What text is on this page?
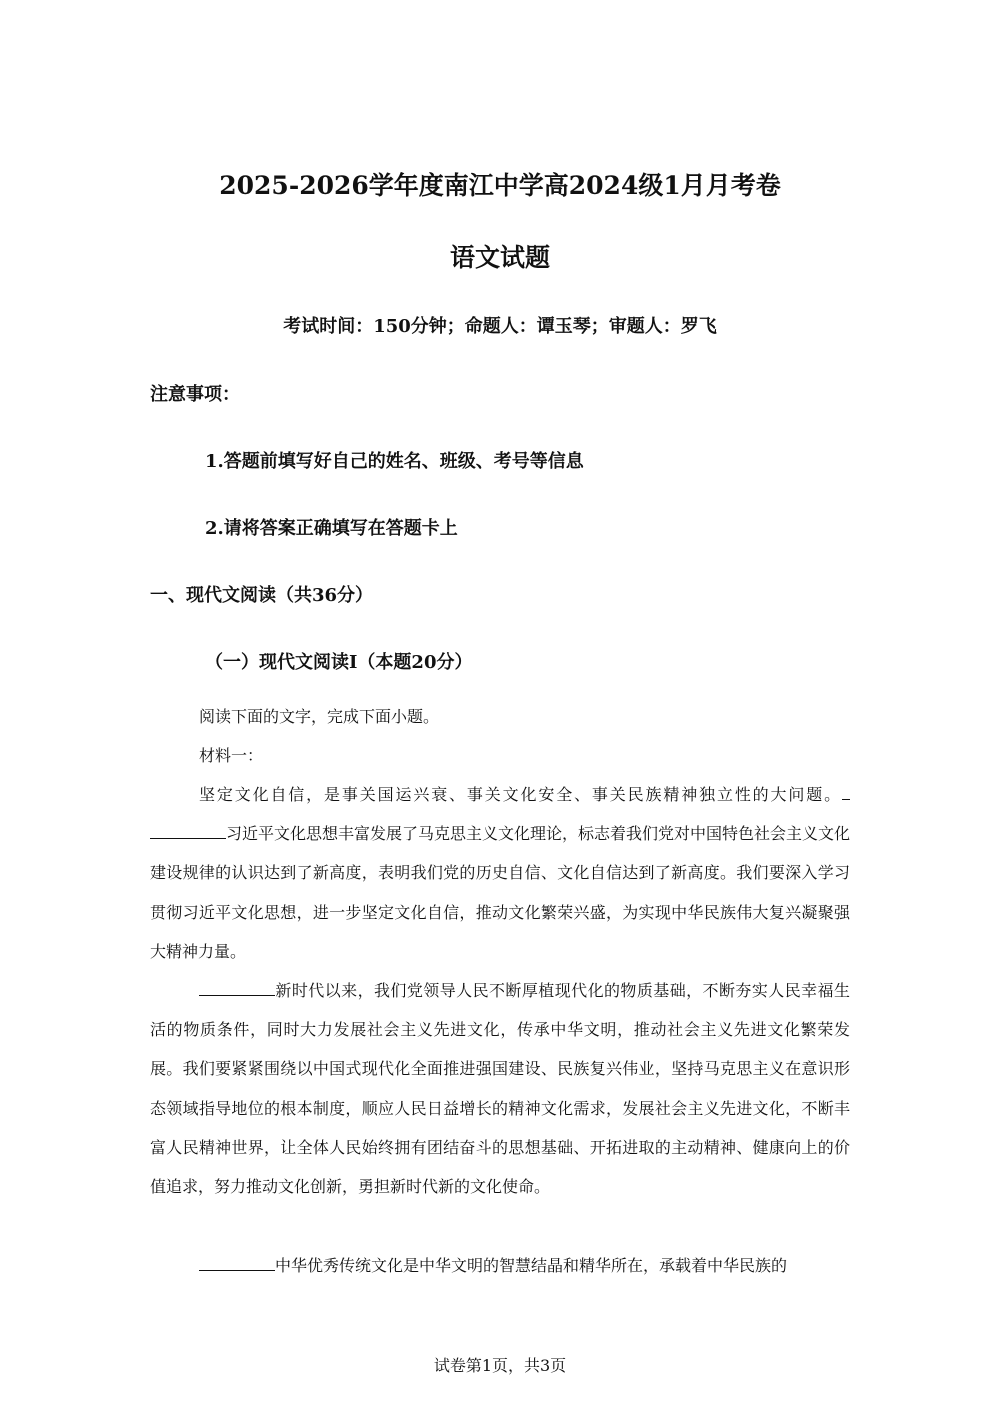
2025-2026学年度南江中学高2024级1月月考卷
语文试题
考试时间：150分钟；命题人：谭玉琴；审题人：罗飞
注意事项：
1.答题前填写好自己的姓名、班级、考号等信息
2.请将答案正确填写在答题卡上
一、现代文阅读（共36分）
（一）现代文阅读I（本题20分）
阅读下面的文字，完成下面小题。
材料一：

坚定文化自信，是事关国运兴衰、事关文化安全、事关民族精神独立性的大问题。习近平文化思想丰富发展了马克思主义文化理论，标志着我们党对中国特色社会主义文化建设规律的认识达到了新高度，表明我们党的历史自信、文化自信达到了新高度。我们要深入学习贯彻习近平文化思想，进一步坚定文化自信，推动文化繁荣兴盛，为实现中华民族伟大复兴凝聚强大精神力量。

新时代以来，我们党领导人民不断厚植现代化的物质基础，不断夯实人民幸福生活的物质条件，同时大力发展社会主义先进文化，传承中华文明，推动社会主义先进文化繁荣发展。我们要紧紧围绕以中国式现代化全面推进强国建设、民族复兴伟业，坚持马克思主义在意识形态领域指导地位的根本制度，顺应人民日益增长的精神文化需求，发展社会主义先进文化，不断丰富人民精神世界，让全体人民始终拥有团结奋斗的思想基础、开拓进取的主动精神、健康向上的价值追求，努力推动文化创新，勇担新时代新的文化使命。

中华优秀传统文化是中华文明的智慧结晶和精华所在，承载着中华民族的

试卷第1页，共3页
